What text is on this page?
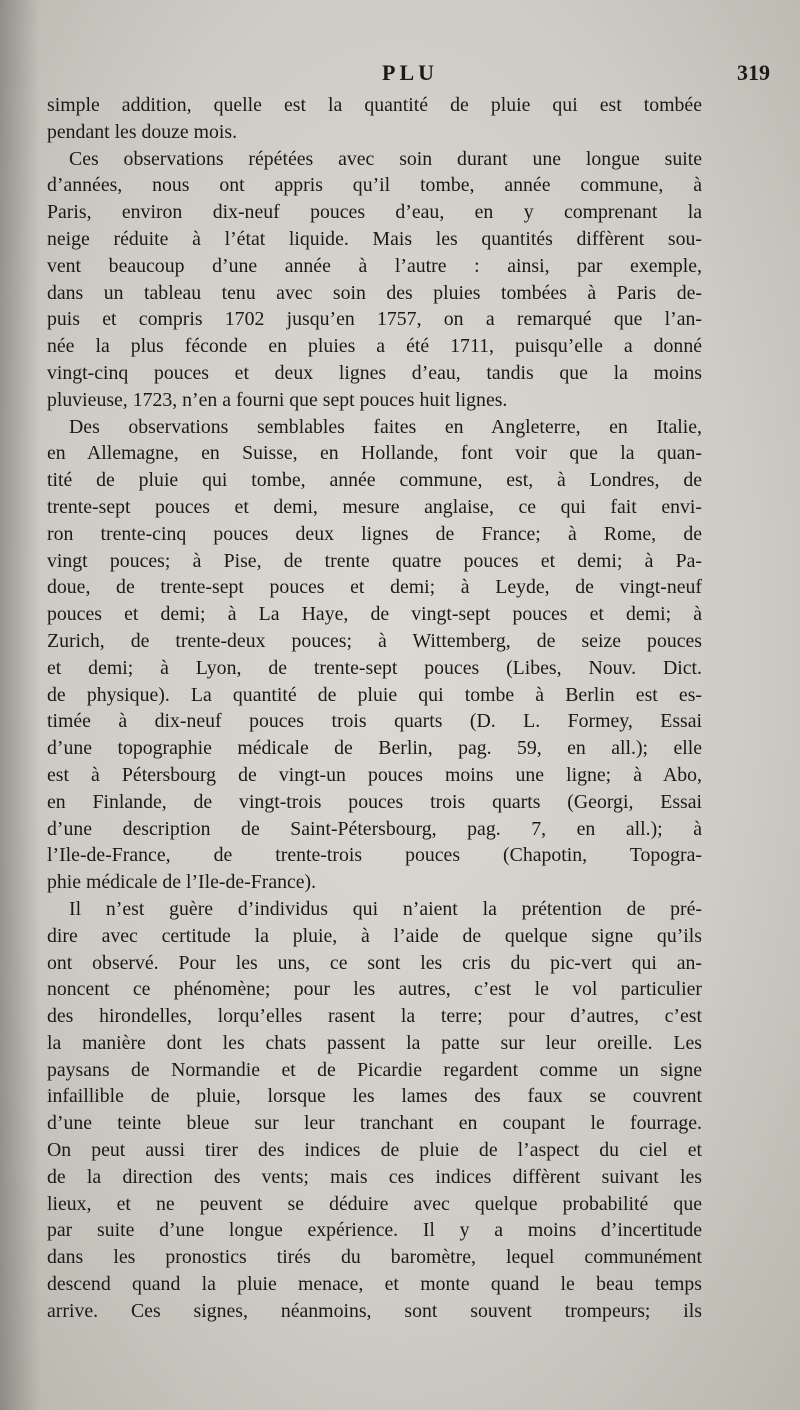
PLU	319

simple addition, quelle est la quantité de pluie qui est tombée
pendant les douze mois.

Ces observations répétées avec soin durant une longue suite
d’années, nous ont appris qu’il tombe, année commune, à
Paris, environ dix-neuf pouces d’eau, en y comprenant la
neige réduite à l’état liquide. Mais les quantités diffèrent sou-
vent beaucoup d’une année à l’autre : ainsi, par exemple,
dans un tableau tenu avec soin des pluies tombées à Paris de-
puis et compris 1702 jusqu’en 1757, on a remarqué que l’an-
née la plus féconde en pluies a été 1711, puisqu’elle a donné
vingt-cinq pouces et deux lignes d’eau, tandis que la moins
pluvieuse, 1723, n’en a fourni que sept pouces huit lignes.

Des observations semblables faites en Angleterre, en Italie,
en Allemagne, en Suisse, en Hollande, font voir que la quan-
tité de pluie qui tombe, année commune, est, à Londres, de
trente-sept pouces et demi, mesure anglaise, ce qui fait envi-
ron trente-cinq pouces deux lignes de France; à Rome, de
vingt pouces; à Pise, de trente quatre pouces et demi; à Pa-
doue, de trente-sept pouces et demi; à Leyde, de vingt-neuf
pouces et demi; à La Haye, de vingt-sept pouces et demi; à
Zurich, de trente-deux pouces; à Wittemberg, de seize pouces
et demi; à Lyon, de trente-sept pouces (Libes, Nouv. Dict.
de physique). La quantité de pluie qui tombe à Berlin est es-
timée à dix-neuf pouces trois quarts (D. L. Formey, Essai
d’une topographie médicale de Berlin, pag. 59, en all.); elle
est à Pétersbourg de vingt-un pouces moins une ligne; à Abo,
en Finlande, de vingt-trois pouces trois quarts (Georgi, Essai
d’une description de Saint-Pétersbourg, pag. 7, en all.); à
l’Ile-de-France, de trente-trois pouces (Chapotin, Topogra-
phie médicale de l’Ile-de-France).

Il n’est guère d’individus qui n’aient la prétention de pré-
dire avec certitude la pluie, à l’aide de quelque signe qu’ils
ont observé. Pour les uns, ce sont les cris du pic-vert qui an-
noncent ce phénomène; pour les autres, c’est le vol particulier
des hirondelles, lorqu’elles rasent la terre; pour d’autres, c’est
la manière dont les chats passent la patte sur leur oreille. Les
paysans de Normandie et de Picardie regardent comme un signe
infaillible de pluie, lorsque les lames des faux se couvrent
d’une teinte bleue sur leur tranchant en coupant le fourrage.
On peut aussi tirer des indices de pluie de l’aspect du ciel et
de la direction des vents; mais ces indices diffèrent suivant les
lieux, et ne peuvent se déduire avec quelque probabilité que
par suite d’une longue expérience. Il y a moins d’incertitude
dans les pronostics tirés du baromètre, lequel communément
descend quand la pluie menace, et monte quand le beau temps
arrive. Ces signes, néanmoins, sont souvent trompeurs; ils
